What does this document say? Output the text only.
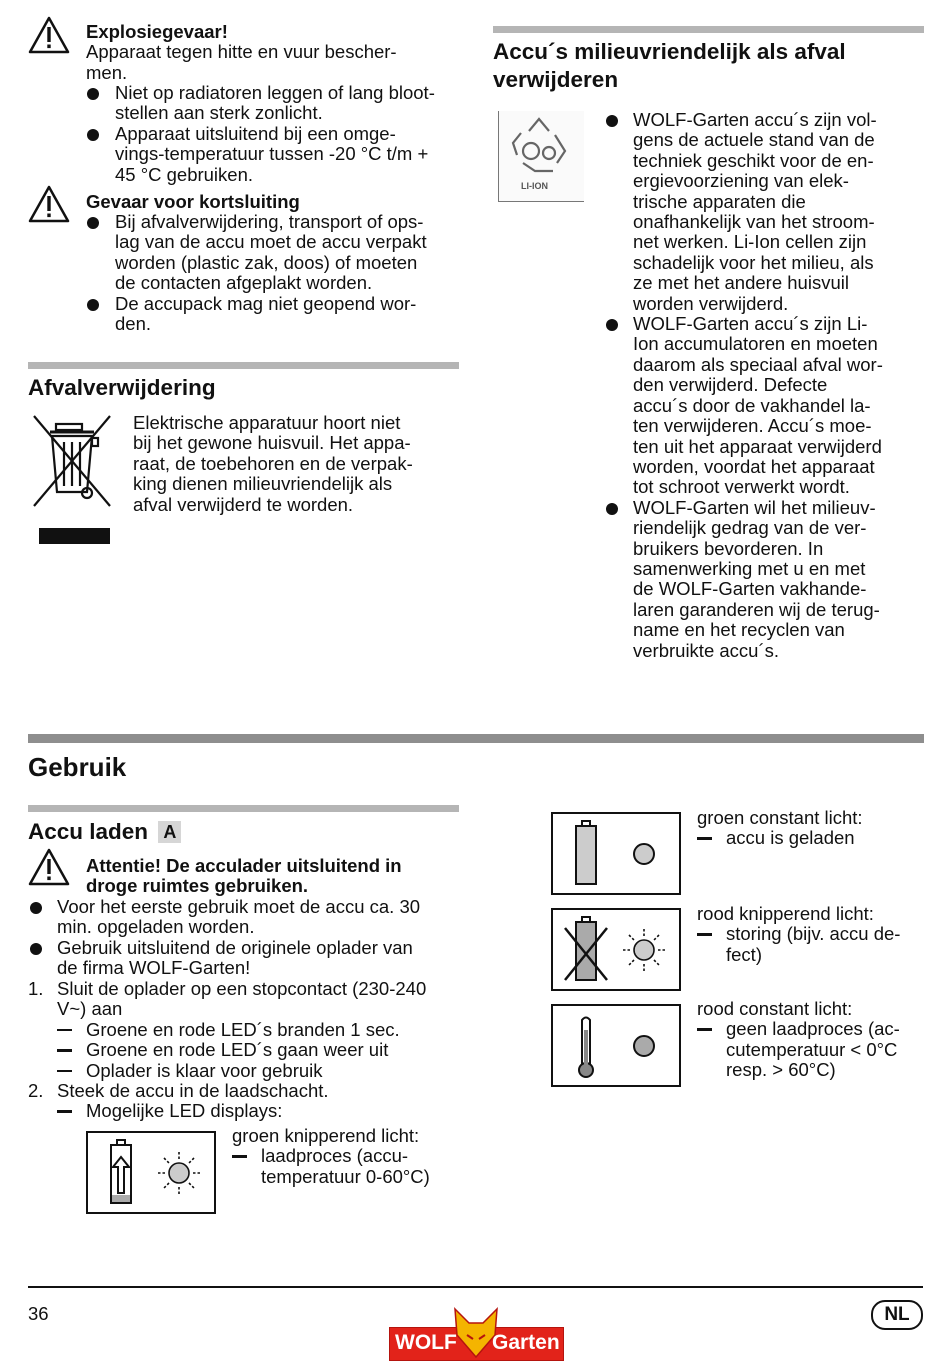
Explosiegevaar!

Apparaat tegen hitte en vuur bescher-

men.

Niet op radiatoren leggen of lang bloot-

stellen aan sterk zonlicht.

Apparaat uitsluitend bij een omge-

vings-temperatuur tussen -20 °C t/m +

45 °C gebruiken.

Gevaar voor kortsluiting

Bij afvalverwijdering, transport of ops-

lag van de accu moet de accu verpakt

worden (plastic zak, doos) of moeten

de contacten afgeplakt worden.

De accupack mag niet geopend wor-

den.

Afvalverwijdering

Elektrische apparatuur hoort niet

bij het gewone huisvuil. Het appa-

raat, de toebehoren en de verpak-

king dienen milieuvriendelijk als

afval verwijderd te worden.

Accu´s milieuvriendelijk als afval
verwijderen
LI-ION

WOLF-Garten accu´s zijn vol-

gens de actuele stand van de

techniek geschikt voor de en-

ergievoorziening van elek-

trische apparaten die

onafhankelijk van het stroom-

net werken. Li-Ion cellen zijn

schadelijk voor het milieu, als

ze met het andere huisvuil

worden verwijderd.

WOLF-Garten accu´s zijn Li-

Ion accumulatoren en moeten

daarom als speciaal afval wor-

den verwijderd. Defecte

accu´s door de vakhandel la-

ten verwijderen. Accu´s moe-

ten uit het apparaat verwijderd

worden, voordat het apparaat

tot schroot verwerkt wordt.

WOLF-Garten wil het milieuv-

riendelijk gedrag van de ver-

bruikers bevorderen. In

samenwerking met u en met

de WOLF-Garten vakhande-

laren garanderen wij de terug-

name en het recyclen van

verbruikte accu´s.

Gebruik
Accu laden A

Attentie! De acculader uitsluitend in

droge ruimtes gebruiken.

Voor het eerste gebruik moet de accu ca. 30

min. opgeladen worden.

Gebruik uitsluitend de originele oplader van

de firma WOLF-Garten!

1. Sluit de oplader op een stopcontact (230-240

V~) aan

Groene en rode LED´s branden 1 sec.

Groene en rode LED´s gaan weer uit

Oplader is klaar voor gebruik

2. Steek de accu in de laadschacht.

Mogelijke LED displays:

groen knipperend licht:

laadproces (accu-

temperatuur 0-60°C)

groen constant licht:

accu is geladen

rood knipperend licht:

storing (bijv. accu de-

fect)

rood constant licht:

geen laadproces (ac-

cutemperatuur < 0°C

resp. > 60°C)

36
WOLF Garten
NL
